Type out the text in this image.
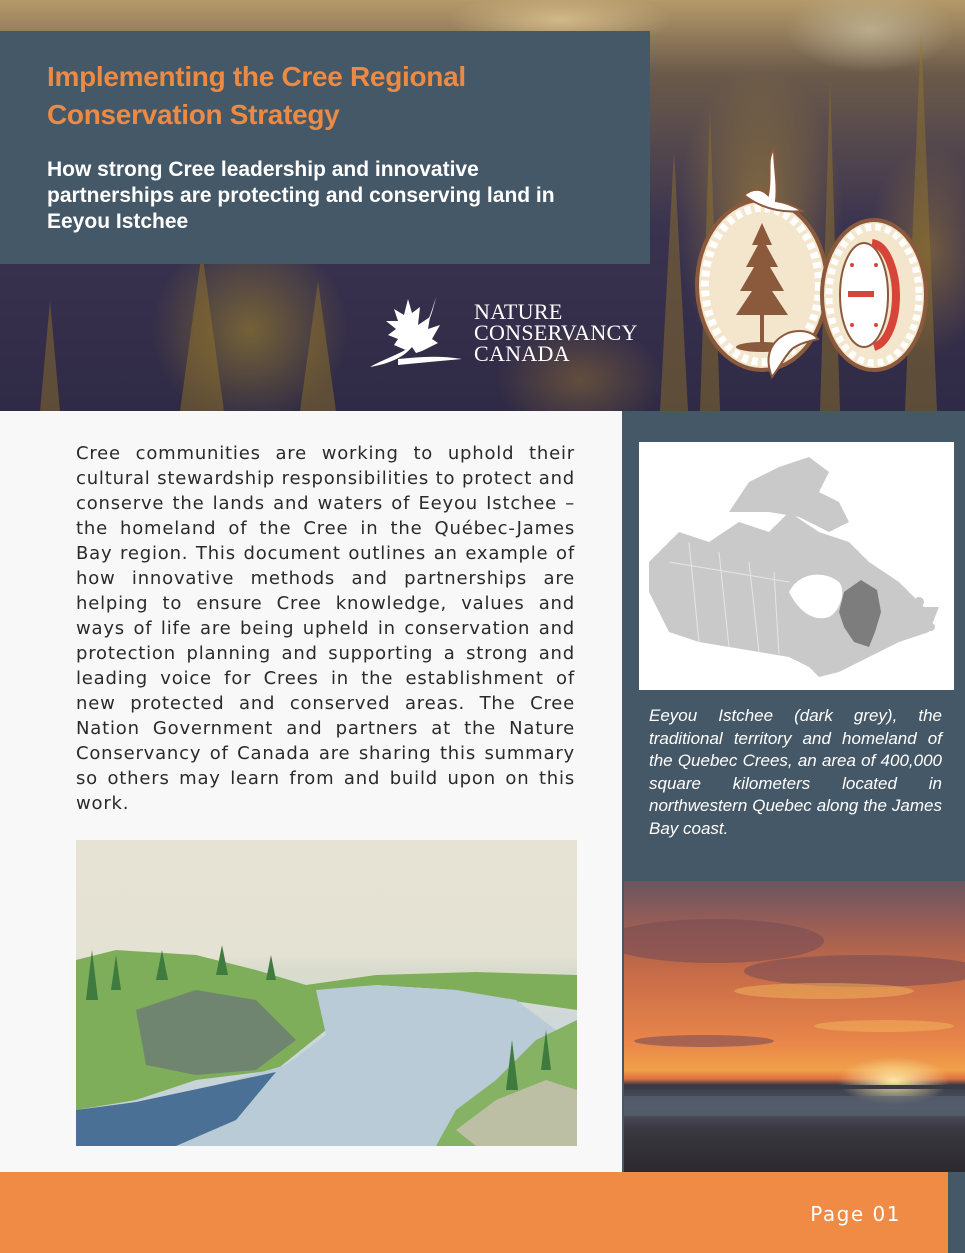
Implementing the Cree Regional Conservation Strategy
How strong Cree leadership and innovative partnerships are protecting and conserving land in Eeyou Istchee
NATURE
CONSERVANCY
CANADA

Cree communities are working to uphold their cultural stewardship responsibilities to protect and conserve the lands and waters of Eeyou Istchee – the homeland of the Cree in the Québec-James Bay region. This document outlines an example of how innovative methods and partnerships are helping to ensure Cree knowledge, values and ways of life are being upheld in conservation and protection planning and supporting a strong and leading voice for Crees in the establishment of new protected and conserved areas. The Cree Nation Government and partners at the Nature Conservancy of Canada are sharing this summary so others may learn from and build upon on this work.

Eeyou Istchee (dark grey), the traditional territory and homeland of the Quebec Crees, an area of 400,000 square kilometers located in northwestern Quebec along the James Bay coast.

Page 01
